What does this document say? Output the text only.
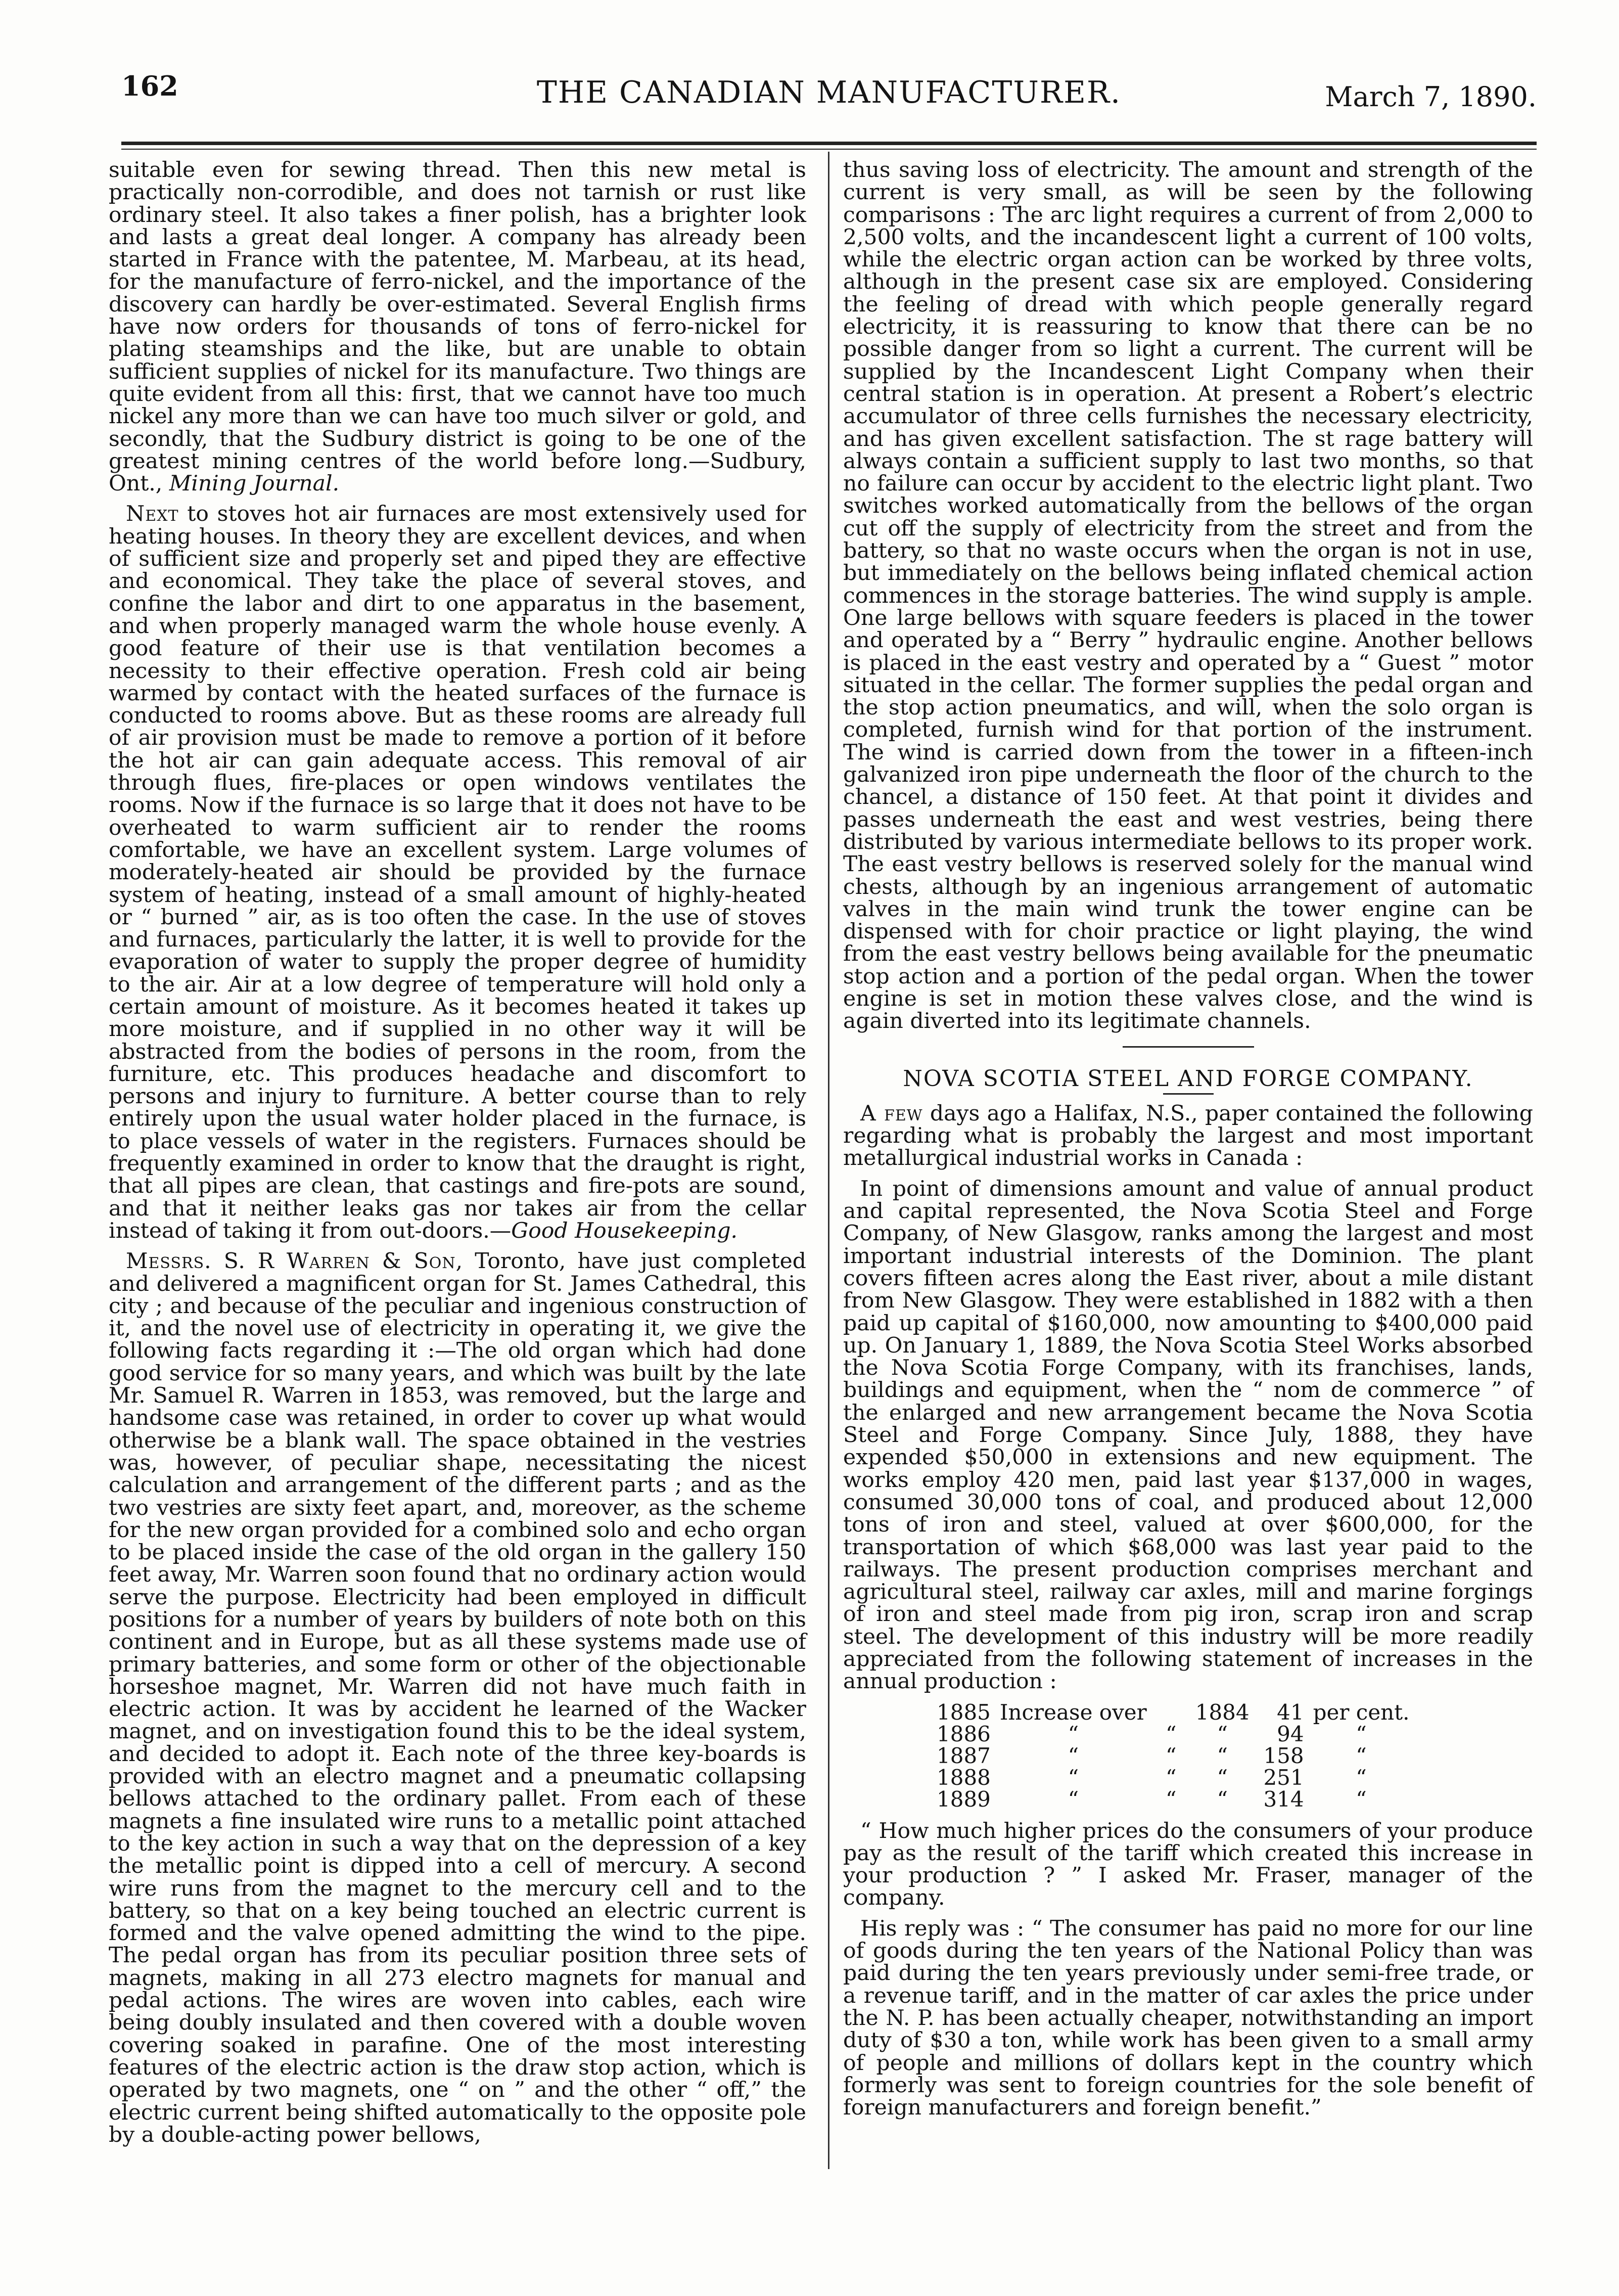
162	THE CANADIAN MANUFACTURER.	March 7, 1890.

suitable even for sewing thread. Then this new metal is practically non-corrodible, and does not tarnish or rust like ordinary steel. It also takes a finer polish, has a brighter look and lasts a great deal longer. A company has already been started in France with the patentee, M. Marbeau, at its head, for the manufacture of ferro-nickel, and the importance of the discovery can hardly be over-estimated. Several English firms have now orders for thousands of tons of ferro-nickel for plating steamships and the like, but are unable to obtain sufficient supplies of nickel for its manufacture. Two things are quite evident from all this: first, that we cannot have too much nickel any more than we can have too much silver or gold, and secondly, that the Sudbury district is going to be one of the greatest mining centres of the world before long.—Sudbury, Ont., Mining Journal.

Next to stoves hot air furnaces are most extensively used for heating houses. In theory they are excellent devices, and when of sufficient size and properly set and piped they are effective and economical. They take the place of several stoves, and confine the labor and dirt to one apparatus in the basement, and when properly managed warm the whole house evenly. A good feature of their use is that ventilation becomes a necessity to their effective operation. Fresh cold air being warmed by contact with the heated surfaces of the furnace is conducted to rooms above. But as these rooms are already full of air provision must be made to remove a portion of it before the hot air can gain adequate access. This removal of air through flues, fire-places or open windows ventilates the rooms. Now if the furnace is so large that it does not have to be overheated to warm sufficient air to render the rooms comfortable, we have an excellent system. Large volumes of moderately-heated air should be provided by the furnace system of heating, instead of a small amount of highly-heated or “ burned ” air, as is too often the case. In the use of stoves and furnaces, particularly the latter, it is well to provide for the evaporation of water to supply the proper degree of humidity to the air. Air at a low degree of temperature will hold only a certain amount of moisture. As it becomes heated it takes up more moisture, and if supplied in no other way it will be abstracted from the bodies of persons in the room, from the furniture, etc. This produces headache and discomfort to persons and injury to furniture. A better course than to rely entirely upon the usual water holder placed in the furnace, is to place vessels of water in the registers. Furnaces should be frequently examined in order to know that the draught is right, that all pipes are clean, that castings and fire-pots are sound, and that it neither leaks gas nor takes air from the cellar instead of taking it from out-doors.—Good Housekeeping.

Messrs. S. R Warren & Son, Toronto, have just completed and delivered a magnificent organ for St. James Cathedral, this city ; and because of the peculiar and ingenious construction of it, and the novel use of electricity in operating it, we give the following facts regarding it :—The old organ which had done good service for so many years, and which was built by the late Mr. Samuel R. Warren in 1853, was removed, but the large and handsome case was retained, in order to cover up what would otherwise be a blank wall. The space obtained in the vestries was, however, of peculiar shape, necessitating the nicest calculation and arrangement of the different parts ; and as the two vestries are sixty feet apart, and, moreover, as the scheme for the new organ provided for a combined solo and echo organ to be placed inside the case of the old organ in the gallery 150 feet away, Mr. Warren soon found that no ordinary action would serve the purpose. Electricity had been employed in difficult positions for a number of years by builders of note both on this continent and in Europe, but as all these systems made use of primary batteries, and some form or other of the objectionable horseshoe magnet, Mr. Warren did not have much faith in electric action. It was by accident he learned of the Wacker magnet, and on investigation found this to be the ideal system, and decided to adopt it. Each note of the three key-boards is provided with an electro magnet and a pneumatic collapsing bellows attached to the ordinary pallet. From each of these magnets a fine insulated wire runs to a metallic point attached to the key action in such a way that on the depression of a key the metallic point is dipped into a cell of mercury. A second wire runs from the magnet to the mercury cell and to the battery, so that on a key being touched an electric current is formed and the valve opened admitting the wind to the pipe. The pedal organ has from its peculiar position three sets of magnets, making in all 273 electro magnets for manual and pedal actions. The wires are woven into cables, each wire being doubly insulated and then covered with a double woven covering soaked in parafine. One of the most interesting features of the electric action is the draw stop action, which is operated by two magnets, one “ on ” and the other “ off,” the electric current being shifted automatically to the opposite pole by a double-acting power bellows,

thus saving loss of electricity. The amount and strength of the current is very small, as will be seen by the following comparisons : The arc light requires a current of from 2,000 to 2,500 volts, and the incandescent light a current of 100 volts, while the electric organ action can be worked by three volts, although in the present case six are employed. Considering the feeling of dread with which people generally regard electricity, it is reassuring to know that there can be no possible danger from so light a current. The current will be supplied by the Incandescent Light Company when their central station is in operation. At present a Robert’s electric accumulator of three cells furnishes the necessary electricity, and has given excellent satisfaction. The st rage battery will always contain a sufficient supply to last two months, so that no failure can occur by accident to the electric light plant. Two switches worked automatically from the bellows of the organ cut off the supply of electricity from the street and from the battery, so that no waste occurs when the organ is not in use, but immediately on the bellows being inflated chemical action commences in the storage batteries. The wind supply is ample. One large bellows with square feeders is placed in the tower and operated by a “ Berry ” hydraulic engine. Another bellows is placed in the east vestry and operated by a “ Guest ” motor situated in the cellar. The former supplies the pedal organ and the stop action pneumatics, and will, when the solo organ is completed, furnish wind for that portion of the instrument. The wind is carried down from the tower in a fifteen-inch galvanized iron pipe underneath the floor of the church to the chancel, a distance of 150 feet. At that point it divides and passes underneath the east and west vestries, being there distributed by various intermediate bellows to its proper work. The east vestry bellows is reserved solely for the manual wind chests, although by an ingenious arrangement of automatic valves in the main wind trunk the tower engine can be dispensed with for choir practice or light playing, the wind from the east vestry bellows being available for the pneumatic stop action and a portion of the pedal organ. When the tower engine is set in motion these valves close, and the wind is again diverted into its legitimate channels.

NOVA SCOTIA STEEL AND FORGE COMPANY.

A few days ago a Halifax, N.S., paper contained the following regarding what is probably the largest and most important metallurgical industrial works in Canada :

In point of dimensions amount and value of annual product and capital represented, the Nova Scotia Steel and Forge Company, of New Glasgow, ranks among the largest and most important industrial interests of the Dominion. The plant covers fifteen acres along the East river, about a mile distant from New Glasgow. They were established in 1882 with a then paid up capital of $160,000, now amounting to $400,000 paid up. On January 1, 1889, the Nova Scotia Steel Works absorbed the Nova Scotia Forge Company, with its franchises, lands, buildings and equipment, when the “ nom de commerce ” of the enlarged and new arrangement became the Nova Scotia Steel and Forge Company. Since July, 1888, they have expended $50,000 in extensions and new equipment. The works employ 420 men, paid last year $137,000 in wages, consumed 30,000 tons of coal, and produced about 12,000 tons of iron and steel, valued at over $600,000, for the transportation of which $68,000 was last year paid to the railways. The present production comprises merchant and agricultural steel, railway car axles, mill and marine forgings of iron and steel made from pig iron, scrap iron and scrap steel. The development of this industry will be more readily appreciated from the following statement of increases in the annual production :

1885	Increase over		1884	41	per cent.
1886	“	“	“	94	“
1887	“	“	“	158	“
1888	“	“	“	251	“
1889	“	“	“	314	“

“ How much higher prices do the consumers of your produce pay as the result of the tariff which created this increase in your production ? ” I asked Mr. Fraser, manager of the company.

His reply was : “ The consumer has paid no more for our line of goods during the ten years of the National Policy than was paid during the ten years previously under semi-free trade, or a revenue tariff, and in the matter of car axles the price under the N. P. has been actually cheaper, notwithstanding an import duty of $30 a ton, while work has been given to a small army of people and millions of dollars kept in the country which formerly was sent to foreign countries for the sole benefit of foreign manufacturers and foreign benefit.”
